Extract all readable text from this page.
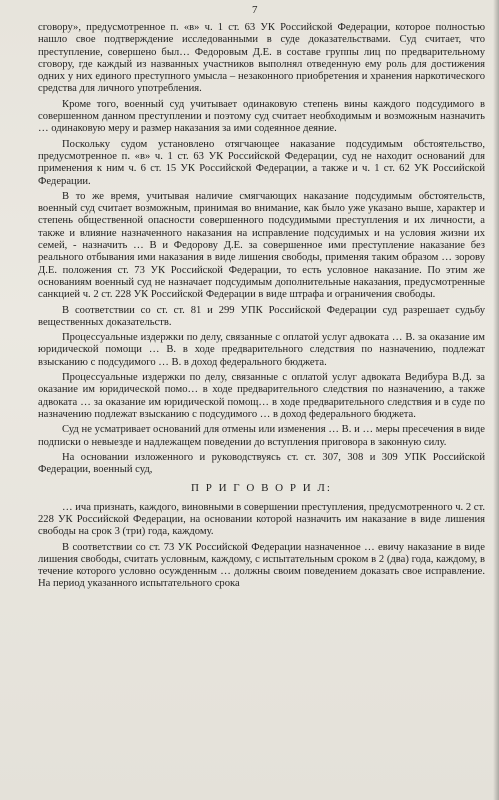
7

сговору», предусмотренное п. «в» ч. 1 ст. 63 УК Российской Федерации, которое полностью нашло свое подтверждение исследованными в суде доказательствами. Суд считает, что преступление, совершено был… Федоровым Д.Е. в составе группы лиц по предварительному сговору, где каждый из названных участников выполнял отведенную ему роль для достижения одних у них единого преступного умысла – незаконного приобретения и хранения наркотического средства для личного употребления.

Кроме того, военный суд учитывает одинаковую степень вины каждого подсудимого в совершенном данном преступлении и поэтому суд считает необходимым и возможным назначить … одинаковую меру и размер наказания за ими содеянное деяние.

Поскольку судом установлено отягчающее наказание подсудимым обстоятельство, предусмотренное п. «в» ч. 1 ст. 63 УК Российской Федерации, суд не находит оснований для применения к ним ч. 6 ст. 15 УК Российской Федерации, а также и ч. 1 ст. 62 УК Российской Федерации.

В то же время, учитывая наличие смягчающих наказание подсудимым обстоятельств, военный суд считает возможным, принимая во внимание, как было уже указано выше, характер и степень общественной опасности совершенного подсудимыми преступления и их личности, а также и влияние назначенного наказания на исправление подсудимых и на условия жизни их семей, - назначить … В и Федорову Д.Е. за совершенное ими преступление наказание без реального отбывания ими наказания в виде лишения свободы, применяя таким образом … зорову Д.Е. положения ст. 73 УК Российской Федерации, то есть условное наказание. По этим же основаниям военный суд не назначает подсудимым дополнительные наказания, предусмотренные санкцией ч. 2 ст. 228 УК Российской Федерации в виде штрафа и ограничения свободы.

В соответствии со ст. ст. 81 и 299 УПК Российской Федерации суд разрешает судьбу вещественных доказательств.

Процессуальные издержки по делу, связанные с оплатой услуг адвоката … В. за оказание им юридической помощи … В. в ходе предварительного следствия по назначению, подлежат взысканию с подсудимого … В. в доход федерального бюджета.

Процессуальные издержки по делу, связанные с оплатой услуг адвоката Ведибура В.Д. за оказание им юридической помо… в ходе предварительного следствия по назначению, а также адвоката … за оказание им юридической помощ… в ходе предварительного следствия и в суде по назначению подлежат взысканию с подсудимого … в доход федерального бюджета.

Суд не усматривает оснований для отмены или изменения … В. и … меры пресечения в виде подписки о невыезде и надлежащем поведении до вступления приговора в законную силу.

На основании изложенного и руководствуясь ст. ст. 307, 308 и 309 УПК Российской Федерации, военный суд,

П Р И Г О В О Р И Л:

… ича признать, каждого, виновными в совершении преступления, предусмотренного ч. 2 ст. 228 УК Российской Федерации, на основании которой назначить им наказание в виде лишения свободы на срок 3 (три) года, каждому.

В соответствии со ст. 73 УК Российской Федерации назначенное … евичу наказание в виде лишения свободы, считать условным, каждому, с испытательным сроком в 2 (два) года, каждому, в течение которого условно осужденным … должны своим поведением доказать свое исправление. На период указанного испытательного срока
